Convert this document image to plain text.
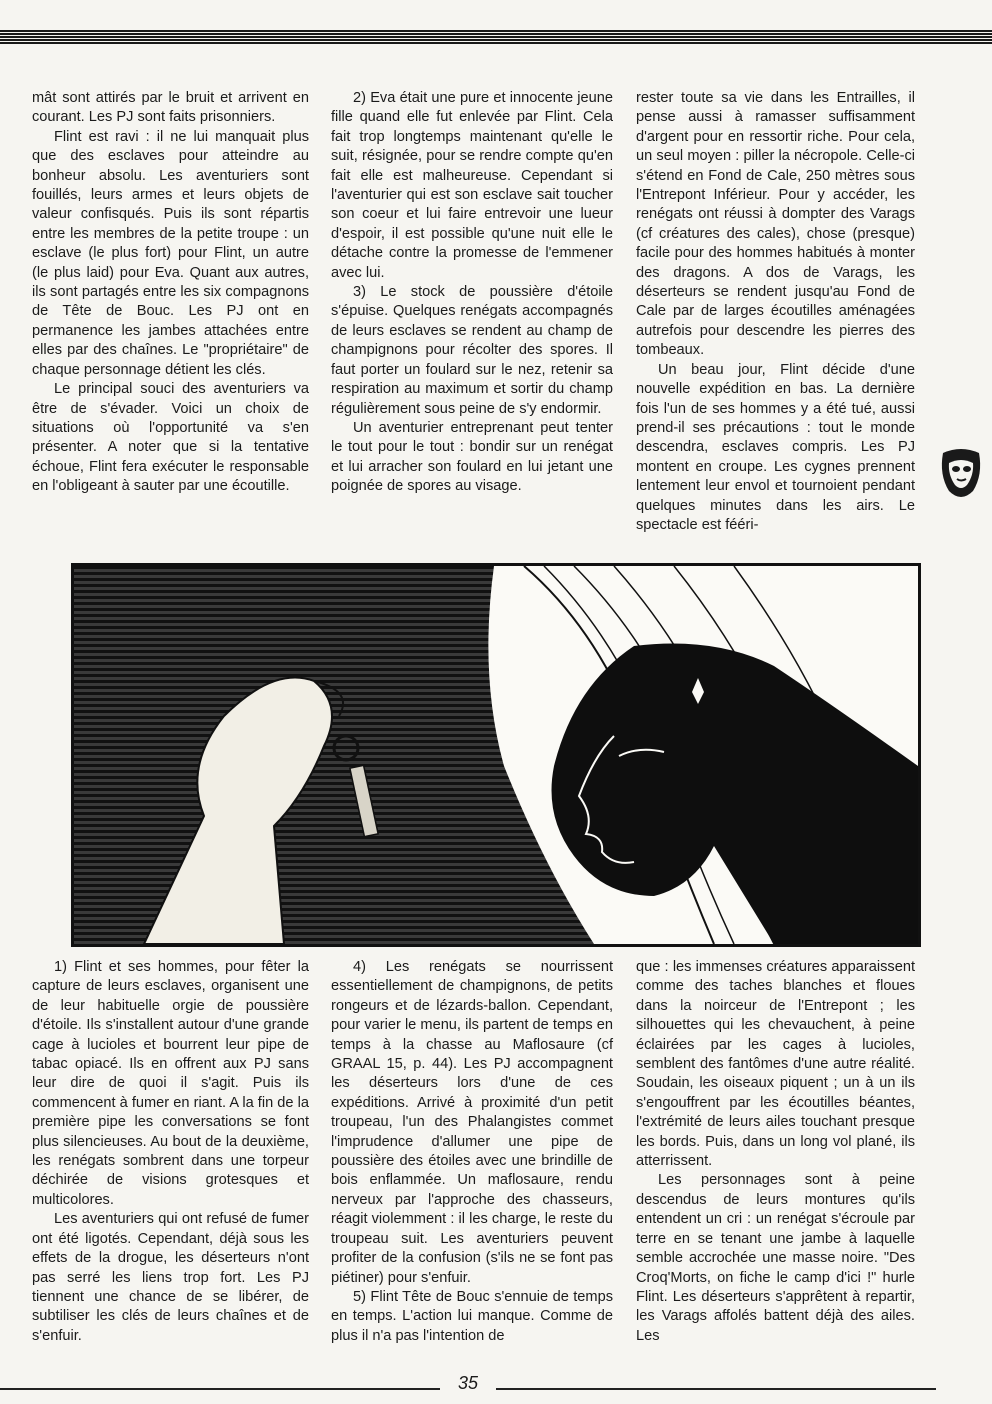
mât sont attirés par le bruit et arrivent en courant. Les PJ sont faits prisonniers.

Flint est ravi : il ne lui manquait plus que des esclaves pour atteindre au bonheur absolu. Les aventuriers sont fouillés, leurs armes et leurs objets de valeur confisqués. Puis ils sont répartis entre les membres de la petite troupe : un esclave (le plus fort) pour Flint, un autre (le plus laid) pour Eva. Quant aux autres, ils sont partagés entre les six compagnons de Tête de Bouc. Les PJ ont en permanence les jambes attachées entre elles par des chaînes. Le "propriétaire" de chaque personnage détient les clés.

Le principal souci des aventuriers va être de s'évader. Voici un choix de situations où l'opportunité va s'en présenter. A noter que si la tentative échoue, Flint fera exécuter le responsable en l'obligeant à sauter par une écoutille.

2) Eva était une pure et innocente jeune fille quand elle fut enlevée par Flint. Cela fait trop longtemps maintenant qu'elle le suit, résignée, pour se rendre compte qu'en fait elle est malheureuse. Cependant si l'aventurier qui est son esclave sait toucher son coeur et lui faire entrevoir une lueur d'espoir, il est possible qu'une nuit elle le détache contre la promesse de l'emmener avec lui.

3) Le stock de poussière d'étoile s'épuise. Quelques renégats accompagnés de leurs esclaves se rendent au champ de champignons pour récolter des spores. Il faut porter un foulard sur le nez, retenir sa respiration au maximum et sortir du champ régulièrement sous peine de s'y endormir.

Un aventurier entreprenant peut tenter le tout pour le tout : bondir sur un renégat et lui arracher son foulard en lui jetant une poignée de spores au visage.

rester toute sa vie dans les Entrailles, il pense aussi à ramasser suffisamment d'argent pour en ressortir riche. Pour cela, un seul moyen : piller la nécropole. Celle-ci s'étend en Fond de Cale, 250 mètres sous l'Entrepont Inférieur. Pour y accéder, les renégats ont réussi à dompter des Varags (cf créatures des cales), chose (presque) facile pour des hommes habitués à monter des dragons. A dos de Varags, les déserteurs se rendent jusqu'au Fond de Cale par de larges écoutilles aménagées autrefois pour descendre les pierres des tombeaux.

Un beau jour, Flint décide d'une nouvelle expédition en bas. La dernière fois l'un de ses hommes y a été tué, aussi prend-il ses précautions : tout le monde descendra, esclaves compris. Les PJ montent en croupe. Les cygnes prennent lentement leur envol et tournoient pendant quelques minutes dans les airs. Le spectacle est fééri-

1) Flint et ses hommes, pour fêter la capture de leurs esclaves, organisent une de leur habituelle orgie de poussière d'étoile. Ils s'installent autour d'une grande cage à lucioles et bourrent leur pipe de tabac opiacé. Ils en offrent aux PJ sans leur dire de quoi il s'agit. Puis ils commencent à fumer en riant. A la fin de la première pipe les conversations se font plus silencieuses. Au bout de la deuxième, les renégats sombrent dans une torpeur déchirée de visions grotesques et multicolores.

Les aventuriers qui ont refusé de fumer ont été ligotés. Cependant, déjà sous les effets de la drogue, les déserteurs n'ont pas serré les liens trop fort. Les PJ tiennent une chance de se libérer, de subtiliser les clés de leurs chaînes et de s'enfuir.

4) Les renégats se nourrissent essentiellement de champignons, de petits rongeurs et de lézards-ballon. Cependant, pour varier le menu, ils partent de temps en temps à la chasse au Maflosaure (cf GRAAL 15, p. 44). Les PJ accompagnent les déserteurs lors d'une de ces expéditions. Arrivé à proximité d'un petit troupeau, l'un des Phalangistes commet l'imprudence d'allumer une pipe de poussière des étoiles avec une brindille de bois enflammée. Un maflosaure, rendu nerveux par l'approche des chasseurs, réagit violemment : il les charge, le reste du troupeau suit. Les aventuriers peuvent profiter de la confusion (s'ils ne se font pas piétiner) pour s'enfuir.

5) Flint Tête de Bouc s'ennuie de temps en temps. L'action lui manque. Comme de plus il n'a pas l'intention de

que : les immenses créatures apparaissent comme des taches blanches et floues dans la noirceur de l'Entrepont ; les silhouettes qui les chevauchent, à peine éclairées par les cages à lucioles, semblent des fantômes d'une autre réalité. Soudain, les oiseaux piquent ; un à un ils s'engouffrent par les écoutilles béantes, l'extrémité de leurs ailes touchant presque les bords. Puis, dans un long vol plané, ils atterrissent.

Les personnages sont à peine descendus de leurs montures qu'ils entendent un cri : un renégat s'écroule par terre en se tenant une jambe à laquelle semble accrochée une masse noire. "Des Croq'Morts, on fiche le camp d'ici !" hurle Flint. Les déserteurs s'apprêtent à repartir, les Varags affolés battent déjà des ailes. Les

35
